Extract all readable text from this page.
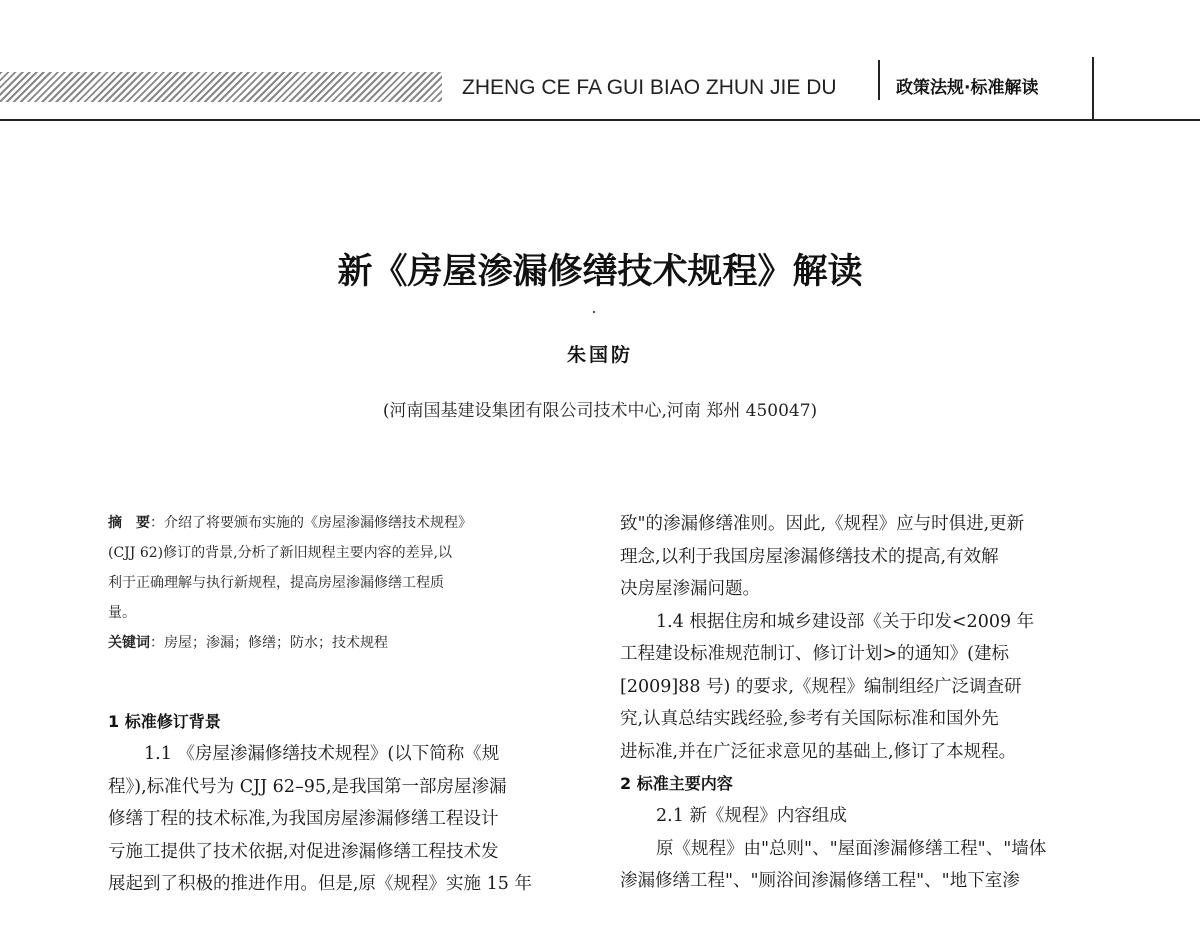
ZHENG CE FA GUI BIAO ZHUN JIE DU	政策法规·标准解读
新《房屋渗漏修缮技术规程》解读
朱国防
(河南国基建设集团有限公司技术中心,河南 郑州 450047)
摘　要：介绍了将要颁布实施的《房屋渗漏修缮技术规程》
(CJJ 62)修订的背景,分析了新旧规程主要内容的差异,以
利于正确理解与执行新规程，提高房屋渗漏修缮工程质
量。
关键词：房屋；渗漏；修缮；防水；技术规程
1 标准修订背景
1.1 《房屋渗漏修缮技术规程》(以下简称《规
程》),标准代号为 CJJ 62–95,是我国第一部房屋渗漏
修缮丁程的技术标准,为我国房屋渗漏修缮工程设计
亏施工提供了技术依据,对促进渗漏修缮工程技术发
展起到了积极的推进作用。但是,原《规程》实施 15 年
致"的渗漏修缮准则。因此,《规程》应与时俱进,更新
理念,以利于我国房屋渗漏修缮技术的提高,有效解
决房屋渗漏问题。
1.4 根据住房和城乡建设部《关于印发<2009 年
工程建设标准规范制订、修订计划>的通知》(建标
[2009]88 号) 的要求,《规程》编制组经广泛调查研
究,认真总结实践经验,参考有关国际标准和国外先
进标准,并在广泛征求意见的基础上,修订了本规程。
2 标准主要内容
2.1 新《规程》内容组成
原《规程》由"总则"、"屋面渗漏修缮工程"、"墙体
渗漏修缮工程"、"厕浴间渗漏修缮工程"、"地下室渗
